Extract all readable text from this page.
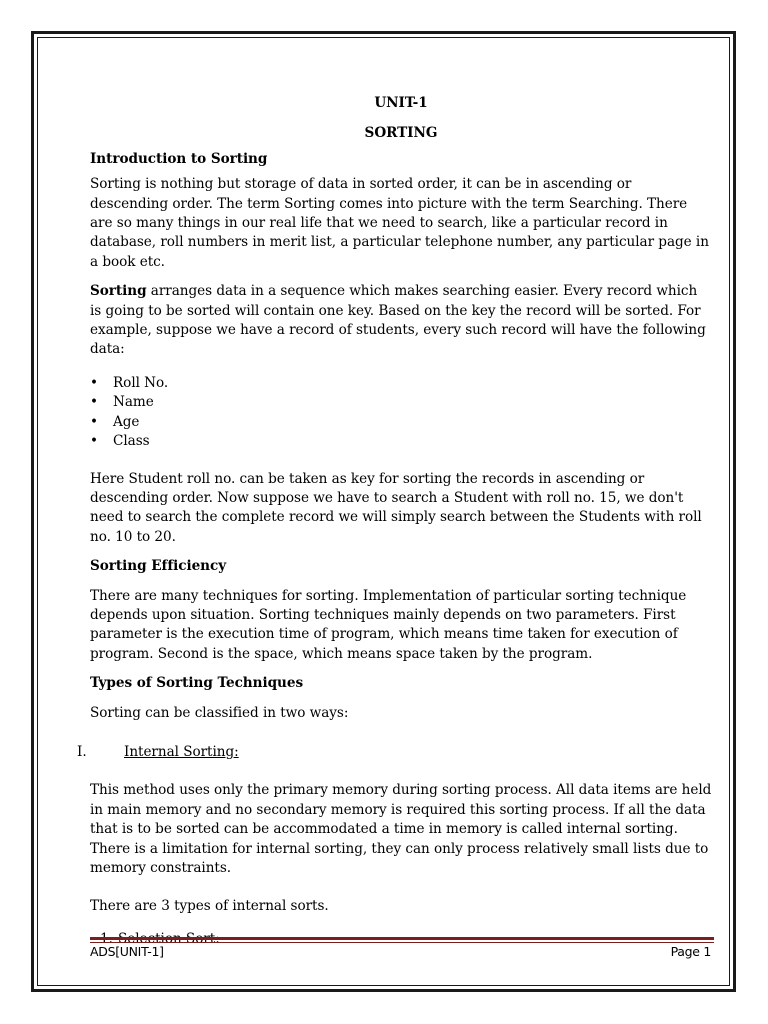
UNIT-1
SORTING

Introduction to Sorting

Sorting is nothing but storage of data in sorted order, it can be in ascending or descending order. The term Sorting comes into picture with the term Searching. There are so many things in our real life that we need to search, like a particular record in database, roll numbers in merit list, a particular telephone number, any particular page in a book etc.

Sorting arranges data in a sequence which makes searching easier. Every record which is going to be sorted will contain one key. Based on the key the record will be sorted. For example, suppose we have a record of students, every such record will have the following data:

• Roll No.
• Name
• Age
• Class

Here Student roll no. can be taken as key for sorting the records in ascending or descending order. Now suppose we have to search a Student with roll no. 15, we don't need to search the complete record we will simply search between the Students with roll no. 10 to 20.

Sorting Efficiency

There are many techniques for sorting. Implementation of particular sorting technique depends upon situation. Sorting techniques mainly depends on two parameters. First parameter is the execution time of program, which means time taken for execution of program. Second is the space, which means space taken by the program.

Types of Sorting Techniques

Sorting can be classified in two ways:

I.	Internal Sorting:

This method uses only the primary memory during sorting process. All data items are held in main memory and no secondary memory is required this sorting process. If all the data that is to be sorted can be accommodated a time in memory is called internal sorting. There is a limitation for internal sorting, they can only process relatively small lists due to memory constraints.

There are 3 types of internal sorts.

ADS[UNIT-1]	Page 1
